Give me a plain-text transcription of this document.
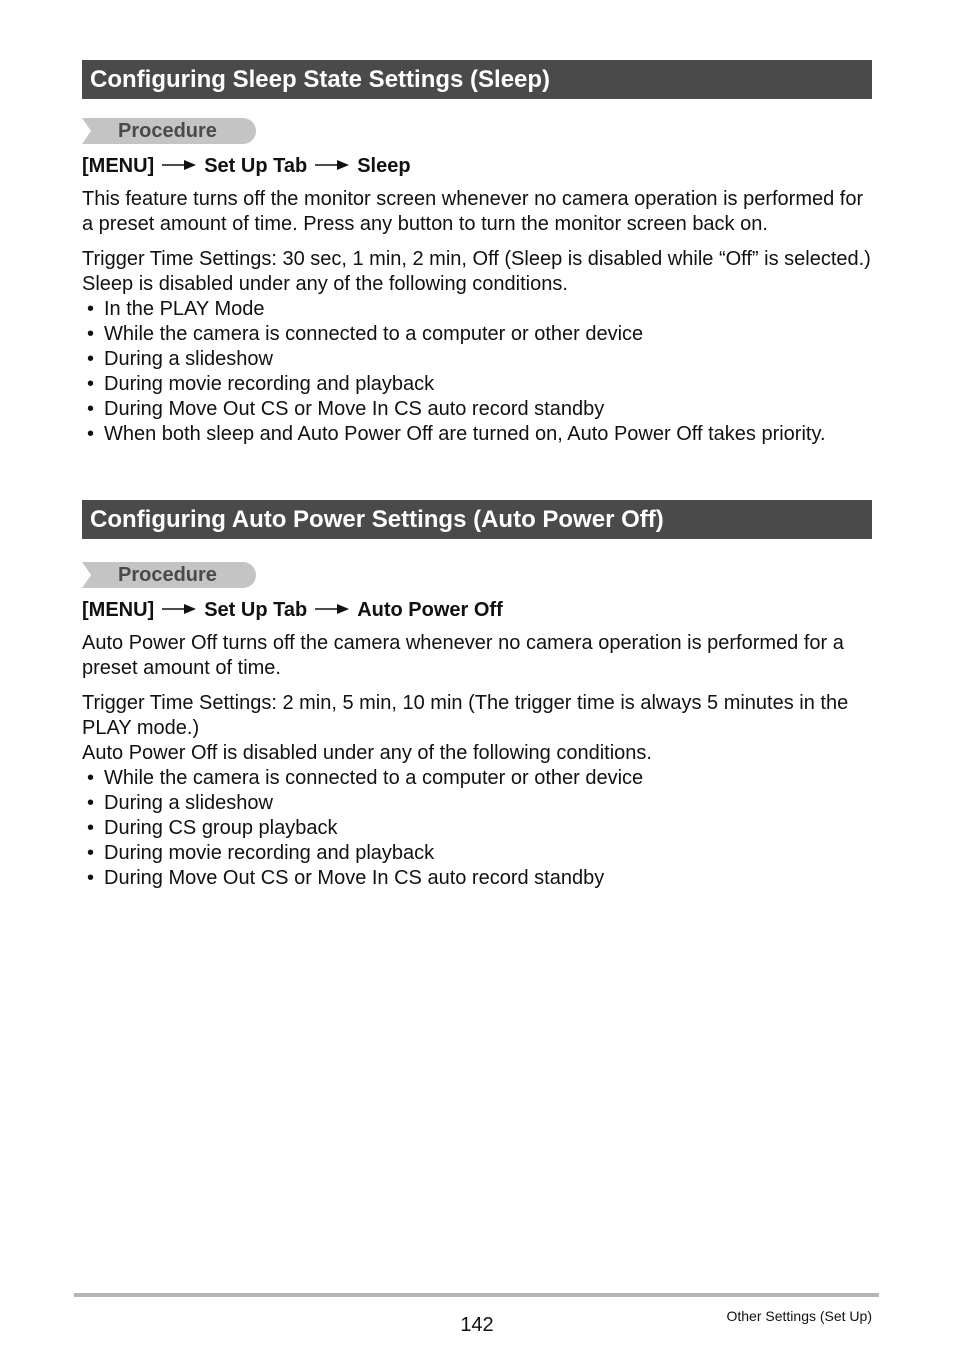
Configuring Sleep State Settings (Sleep)
Procedure
[MENU]	Set Up Tab	Sleep

This feature turns off the monitor screen whenever no camera operation is performed for a preset amount of time. Press any button to turn the monitor screen back on.

Trigger Time Settings: 30 sec, 1 min, 2 min, Off (Sleep is disabled while “Off” is selected.)

Sleep is disabled under any of the following conditions.

• In the PLAY Mode
• While the camera is connected to a computer or other device
• During a slideshow
• During movie recording and playback
• During Move Out CS or Move In CS auto record standby
• When both sleep and Auto Power Off are turned on, Auto Power Off takes priority.
Configuring Auto Power Settings (Auto Power Off)
Procedure
[MENU]	Set Up Tab	Auto Power Off

Auto Power Off turns off the camera whenever no camera operation is performed for a preset amount of time.

Trigger Time Settings: 2 min, 5 min, 10 min (The trigger time is always 5 minutes in the PLAY mode.)

Auto Power Off is disabled under any of the following conditions.

• While the camera is connected to a computer or other device
• During a slideshow
• During CS group playback
• During movie recording and playback
• During Move Out CS or Move In CS auto record standby
142	Other Settings (Set Up)
